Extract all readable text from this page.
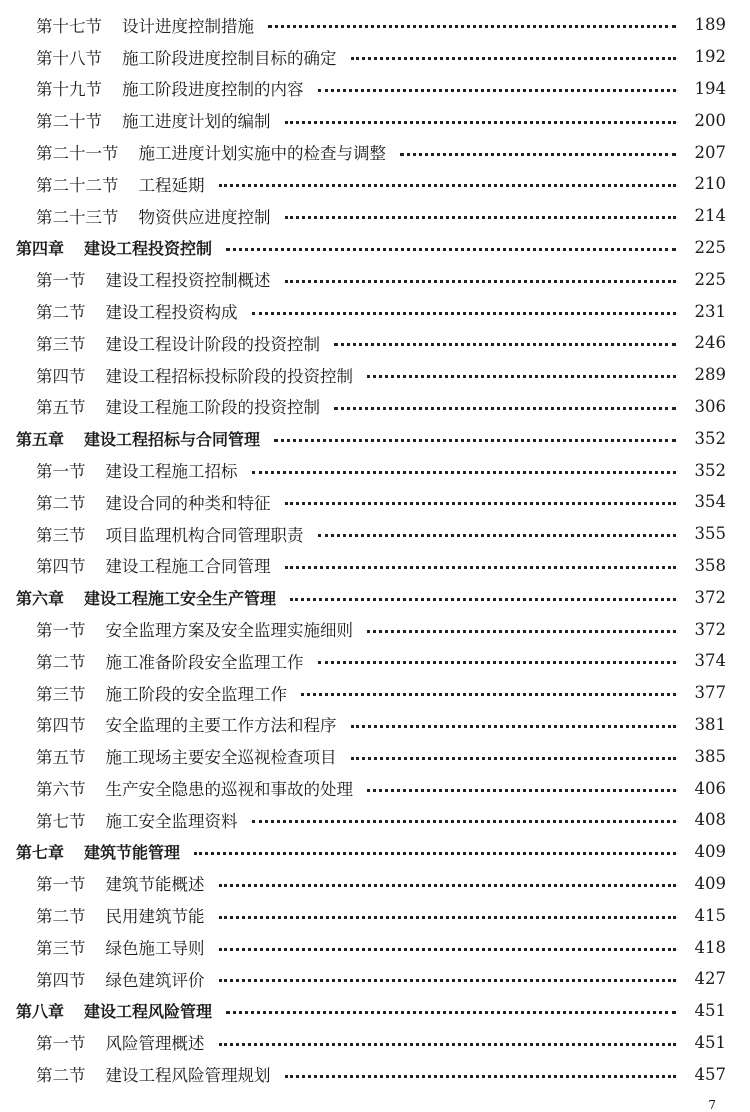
第十七节 设计进度控制措施	189
第十八节 施工阶段进度控制目标的确定	192
第十九节 施工阶段进度控制的内容	194
第二十节 施工进度计划的编制	200
第二十一节 施工进度计划实施中的检查与调整	207
第二十二节 工程延期	210
第二十三节 物资供应进度控制	214
第四章 建设工程投资控制	225
第一节 建设工程投资控制概述	225
第二节 建设工程投资构成	231
第三节 建设工程设计阶段的投资控制	246
第四节 建设工程招标投标阶段的投资控制	289
第五节 建设工程施工阶段的投资控制	306
第五章 建设工程招标与合同管理	352
第一节 建设工程施工招标	352
第二节 建设合同的种类和特征	354
第三节 项目监理机构合同管理职责	355
第四节 建设工程施工合同管理	358
第六章 建设工程施工安全生产管理	372
第一节 安全监理方案及安全监理实施细则	372
第二节 施工准备阶段安全监理工作	374
第三节 施工阶段的安全监理工作	377
第四节 安全监理的主要工作方法和程序	381
第五节 施工现场主要安全巡视检查项目	385
第六节 生产安全隐患的巡视和事故的处理	406
第七节 施工安全监理资料	408
第七章 建筑节能管理	409
第一节 建筑节能概述	409
第二节 民用建筑节能	415
第三节 绿色施工导则	418
第四节 绿色建筑评价	427
第八章 建设工程风险管理	451
第一节 风险管理概述	451
第二节 建设工程风险管理规划	457
7
